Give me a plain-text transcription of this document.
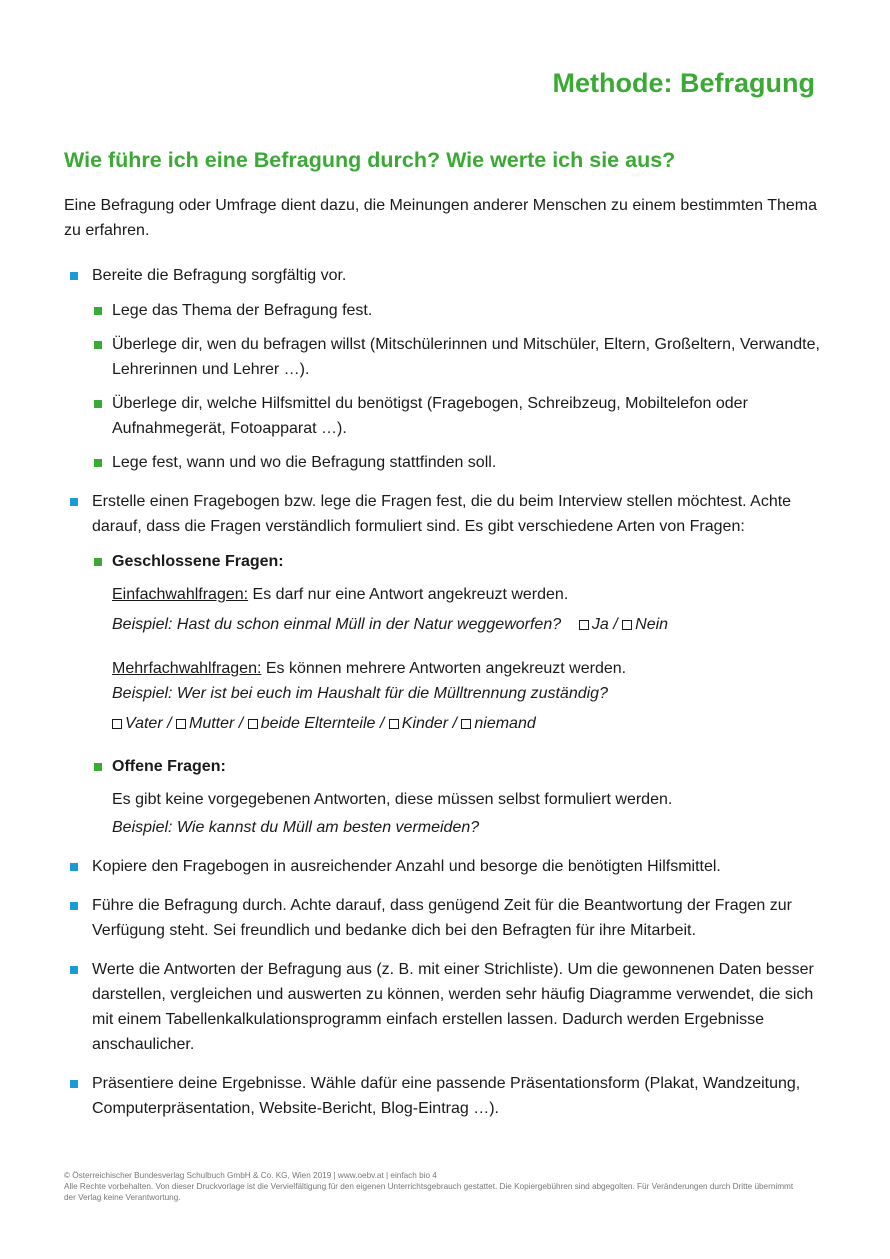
Methode: Befragung
Wie führe ich eine Befragung durch? Wie werte ich sie aus?

Eine Befragung oder Umfrage dient dazu, die Meinungen anderer Menschen zu einem bestimmten Thema zu erfahren.

Bereite die Befragung sorgfältig vor.
Lege das Thema der Befragung fest.
Überlege dir, wen du befragen willst (Mitschülerinnen und Mitschüler, Eltern, Großeltern, Verwandte, Lehrerinnen und Lehrer …).
Überlege dir, welche Hilfsmittel du benötigst (Fragebogen, Schreibzeug, Mobiltelefon oder Aufnahmegerät, Fotoapparat …).
Lege fest, wann und wo die Befragung stattfinden soll.
Erstelle einen Fragebogen bzw. lege die Fragen fest, die du beim Interview stellen möchtest. Achte darauf, dass die Fragen verständlich formuliert sind. Es gibt verschiedene Arten von Fragen:
Geschlossene Fragen:

Einfachwahlfragen: Es darf nur eine Antwort angekreuzt werden.

Beispiel: Hast du schon einmal Müll in der Natur weggeworfen? Ja / Nein

Mehrfachwahlfragen: Es können mehrere Antworten angekreuzt werden.

Beispiel: Wer ist bei euch im Haushalt für die Mülltrennung zuständig?

Vater / Mutter / beide Elternteile / Kinder / niemand

Offene Fragen:

Es gibt keine vorgegebenen Antworten, diese müssen selbst formuliert werden.

Beispiel: Wie kannst du Müll am besten vermeiden?

Kopiere den Fragebogen in ausreichender Anzahl und besorge die benötigten Hilfsmittel.
Führe die Befragung durch. Achte darauf, dass genügend Zeit für die Beantwortung der Fragen zur Verfügung steht. Sei freundlich und bedanke dich bei den Befragten für ihre Mitarbeit.
Werte die Antworten der Befragung aus (z. B. mit einer Strichliste). Um die gewonnenen Daten besser darstellen, vergleichen und auswerten zu können, werden sehr häufig Diagramme verwendet, die sich mit einem Tabellenkalkulationsprogramm einfach erstellen lassen. Dadurch werden Ergebnisse anschaulicher.
Präsentiere deine Ergebnisse. Wähle dafür eine passende Präsentationsform (Plakat, Wandzeitung, Computerpräsentation, Website-Bericht, Blog-Eintrag …).

© Österreichischer Bundesverlag Schulbuch GmbH & Co. KG, Wien 2019 | www.oebv.at | einfach bio 4

Alle Rechte vorbehalten. Von dieser Druckvorlage ist die Vervielfältigung für den eigenen Unterrichtsgebrauch gestattet. Die Kopiergebühren sind abgegolten. Für Veränderungen durch Dritte übernimmt der Verlag keine Verantwortung.
